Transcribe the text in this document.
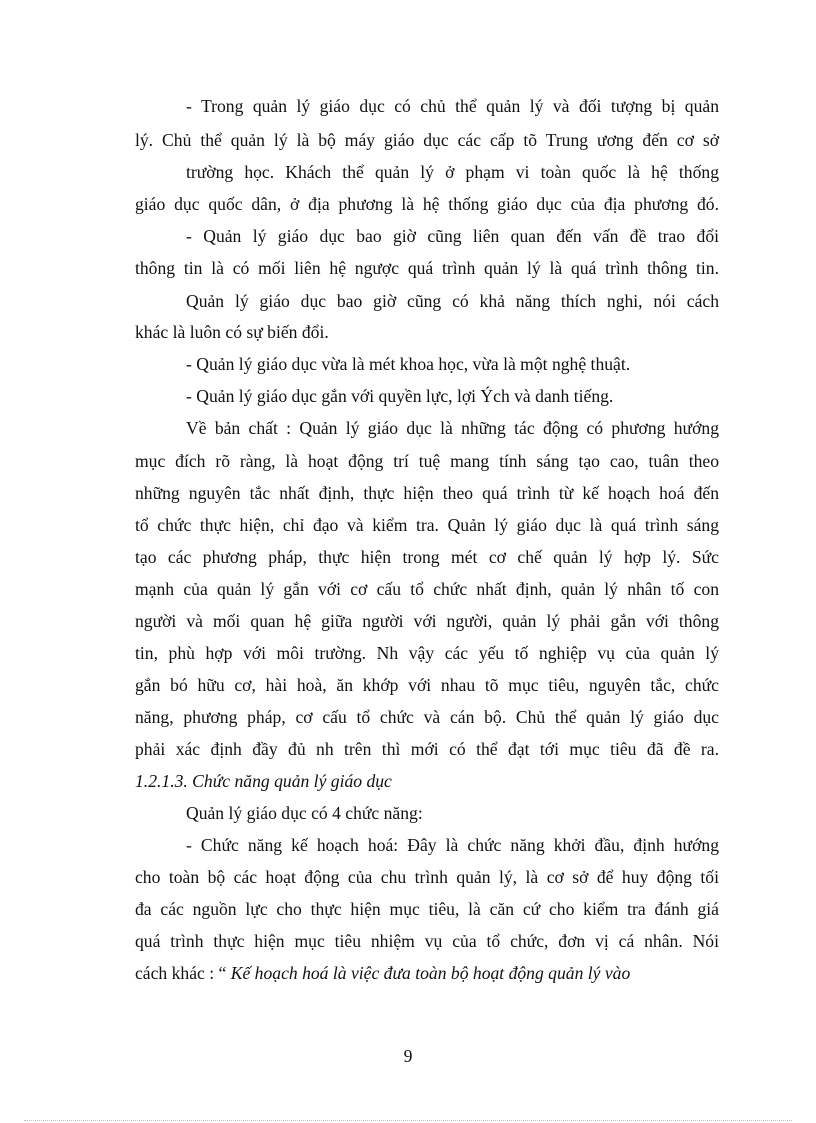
- Trong quản lý giáo dục có chủ thể quản lý và đối tượng bị quản
lý. Chủ thể quản lý là bộ máy giáo dục các cấp tõ Trung ương đến cơ sở
trường học. Khách thể quản lý ở phạm vi toàn quốc là hệ thống
giáo dục quốc dân, ở địa phương là hệ thống giáo dục của địa phương đó.
- Quản lý giáo dục bao giờ cũng liên quan đến vấn đề trao đổi
thông tin là có mối liên hệ ngược quá trình quản lý là quá trình thông tin.
Quản lý giáo dục bao giờ cũng có khả năng thích nghi, nói cách
khác là luôn có sự biến đổi.
- Quản lý giáo dục vừa là mét khoa học, vừa là một nghệ thuật.
- Quản lý giáo dục gắn với quyền lực, lợi Ých và danh tiếng.
Về bản chất : Quản lý giáo dục là những tác động có phương hướng
mục đích rõ ràng, là hoạt động trí tuệ mang tính sáng tạo cao, tuân theo
những nguyên tắc nhất định, thực hiện theo quá trình từ kế hoạch hoá đến
tổ chức thực hiện, chỉ đạo và kiểm tra. Quản lý giáo dục là quá trình sáng
tạo các phương pháp, thực hiện trong mét cơ chế quản lý hợp lý. Sức
mạnh của quản lý gắn với cơ cấu tổ chức nhất định, quản lý nhân tố con
người và mối quan hệ giữa người với người, quản lý phải gắn với thông
tin, phù hợp với môi trường. Nh vậy các yếu tố nghiệp vụ của quản lý
gắn bó hữu cơ, hài hoà, ăn khớp với nhau tõ mục tiêu, nguyên tắc, chức
năng, phương pháp, cơ cấu tổ chức và cán bộ. Chủ thể quản lý giáo dục
phải xác định đầy đủ nh trên thì mới có thể đạt tới mục tiêu đã đề ra.
1.2.1.3. Chức năng quản lý giáo dục
Quản lý giáo dục có 4 chức năng:
- Chức năng kế hoạch hoá: Đây là chức năng khởi đầu, định hướng
cho toàn bộ các hoạt động của chu trình quản lý, là cơ sở để huy động tối
đa các nguồn lực cho thực hiện mục tiêu, là căn cứ cho kiểm tra đánh giá
quá trình thực hiện mục tiêu nhiệm vụ của tổ chức, đơn vị cá nhân. Nói
cách khác : “ Kế hoạch hoá là việc đưa toàn bộ hoạt động quản lý vào
9
